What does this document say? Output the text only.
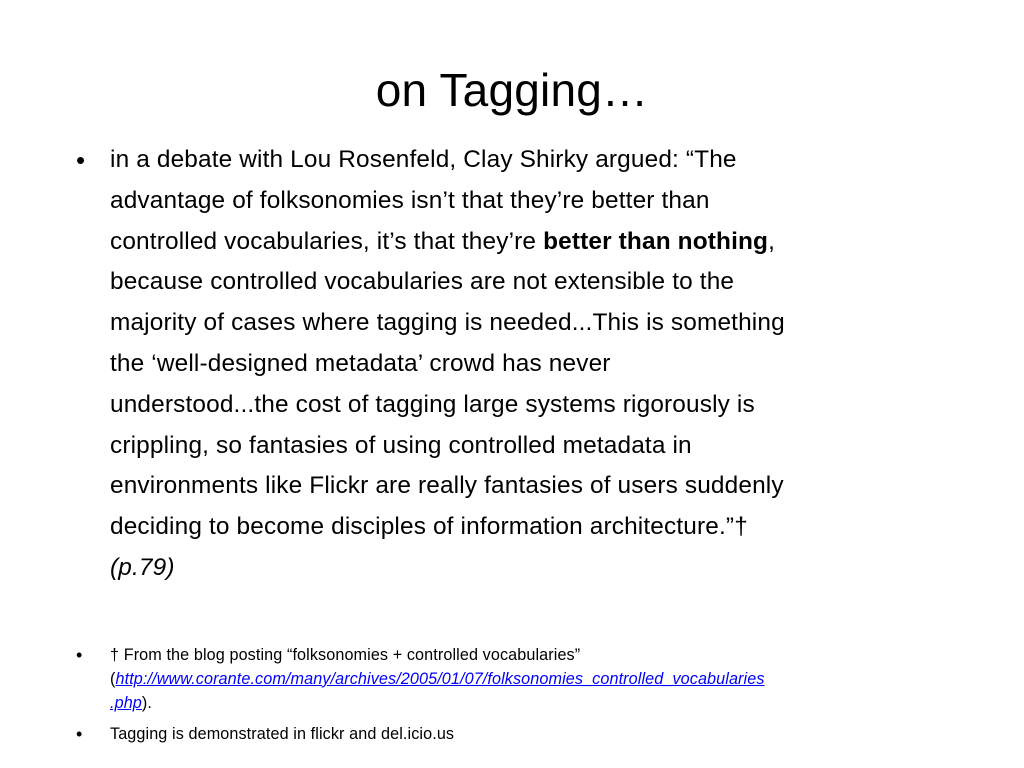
on Tagging…
• in a debate with Lou Rosenfeld, Clay Shirky argued: “The
advantage of folksonomies isn’t that they’re better than
controlled vocabularies, it’s that they’re better than nothing,
because controlled vocabularies are not extensible to the
majority of cases where tagging is needed...This is something
the ‘well-designed metadata’ crowd has never
understood...the cost of tagging large systems rigorously is
crippling, so fantasies of using controlled metadata in
environments like Flickr are really fantasies of users suddenly
deciding to become disciples of information architecture.”†
(p.79)
• † From the blog posting “folksonomies + controlled vocabularies”
(http://www.corante.com/many/archives/2005/01/07/folksonomies_controlled_vocabularies
.php).
• Tagging is demonstrated in flickr and del.icio.us
